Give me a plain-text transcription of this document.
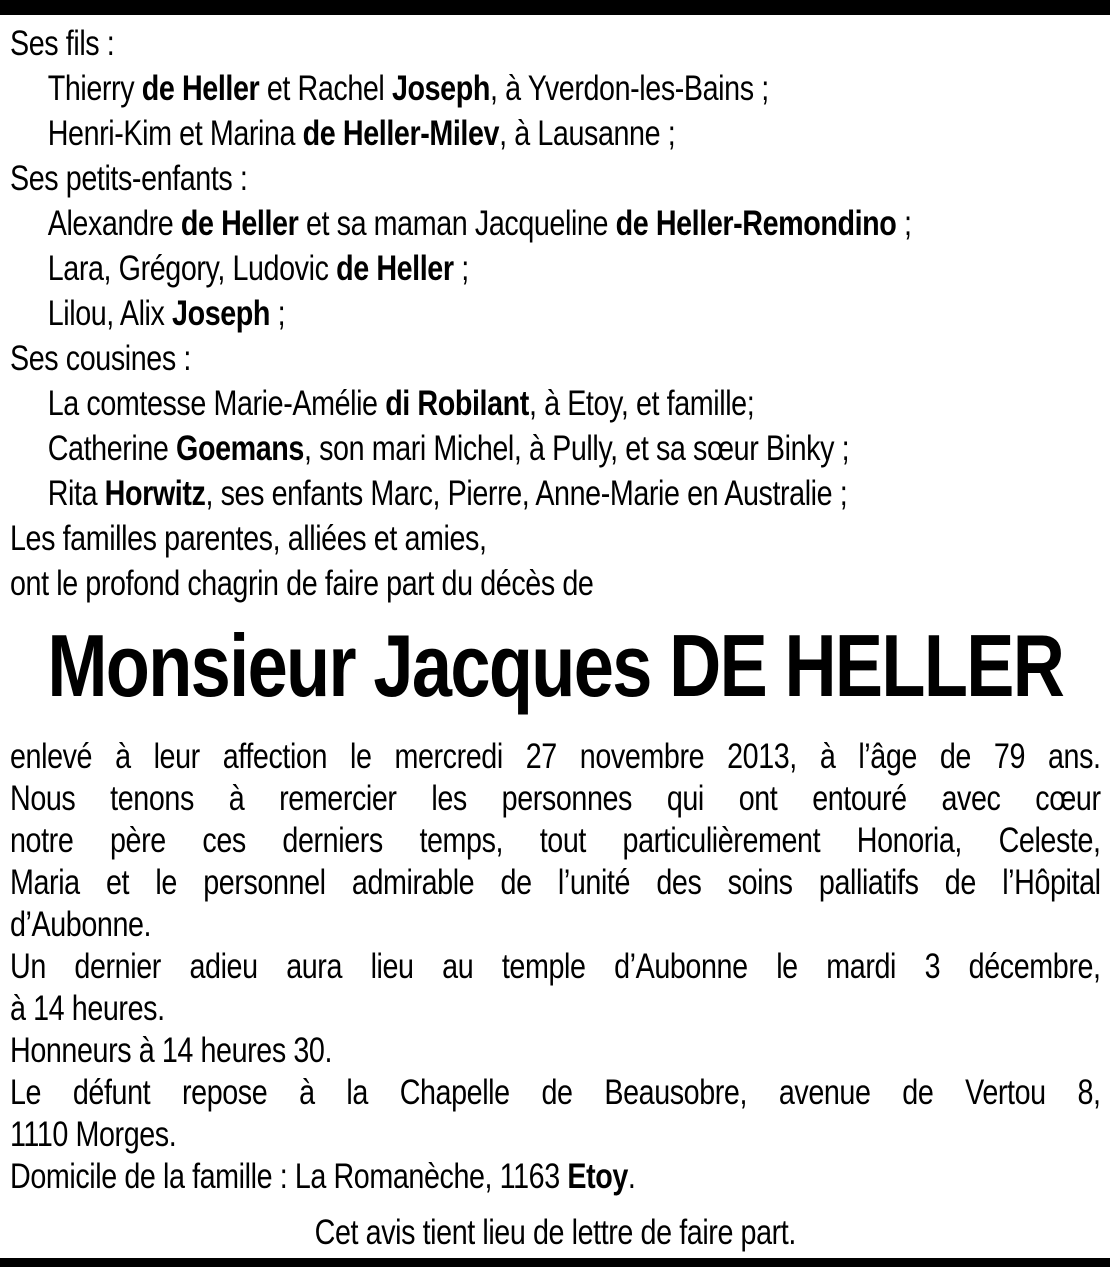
Ses fils :
Thierry de Heller et Rachel Joseph, à Yverdon-les-Bains ;
Henri-Kim et Marina de Heller-Milev, à Lausanne ;
Ses petits-enfants :
Alexandre de Heller et sa maman Jacqueline de Heller-Remondino ;
Lara, Grégory, Ludovic de Heller ;
Lilou, Alix Joseph ;
Ses cousines :
La comtesse Marie-Amélie di Robilant, à Etoy, et famille;
Catherine Goemans, son mari Michel, à Pully, et sa sœur Binky ;
Rita Horwitz, ses enfants Marc, Pierre, Anne-Marie en Australie ;
Les familles parentes, alliées et amies,
ont le profond chagrin de faire part du décès de
Monsieur Jacques DE HELLER
enlevé à leur affection le mercredi 27 novembre 2013, à l’âge de 79 ans.
Nous tenons à remercier les personnes qui ont entouré avec cœur
notre père ces derniers temps, tout particulièrement Honoria, Celeste,
Maria et le personnel admirable de l’unité des soins palliatifs de l’Hôpital
d’Aubonne.
Un dernier adieu aura lieu au temple d’Aubonne le mardi 3 décembre,
à 14 heures.
Honneurs à 14 heures 30.
Le défunt repose à la Chapelle de Beausobre, avenue de Vertou 8,
1110 Morges.
Domicile de la famille : La Romanèche, 1163 Etoy.
Cet avis tient lieu de lettre de faire part.
